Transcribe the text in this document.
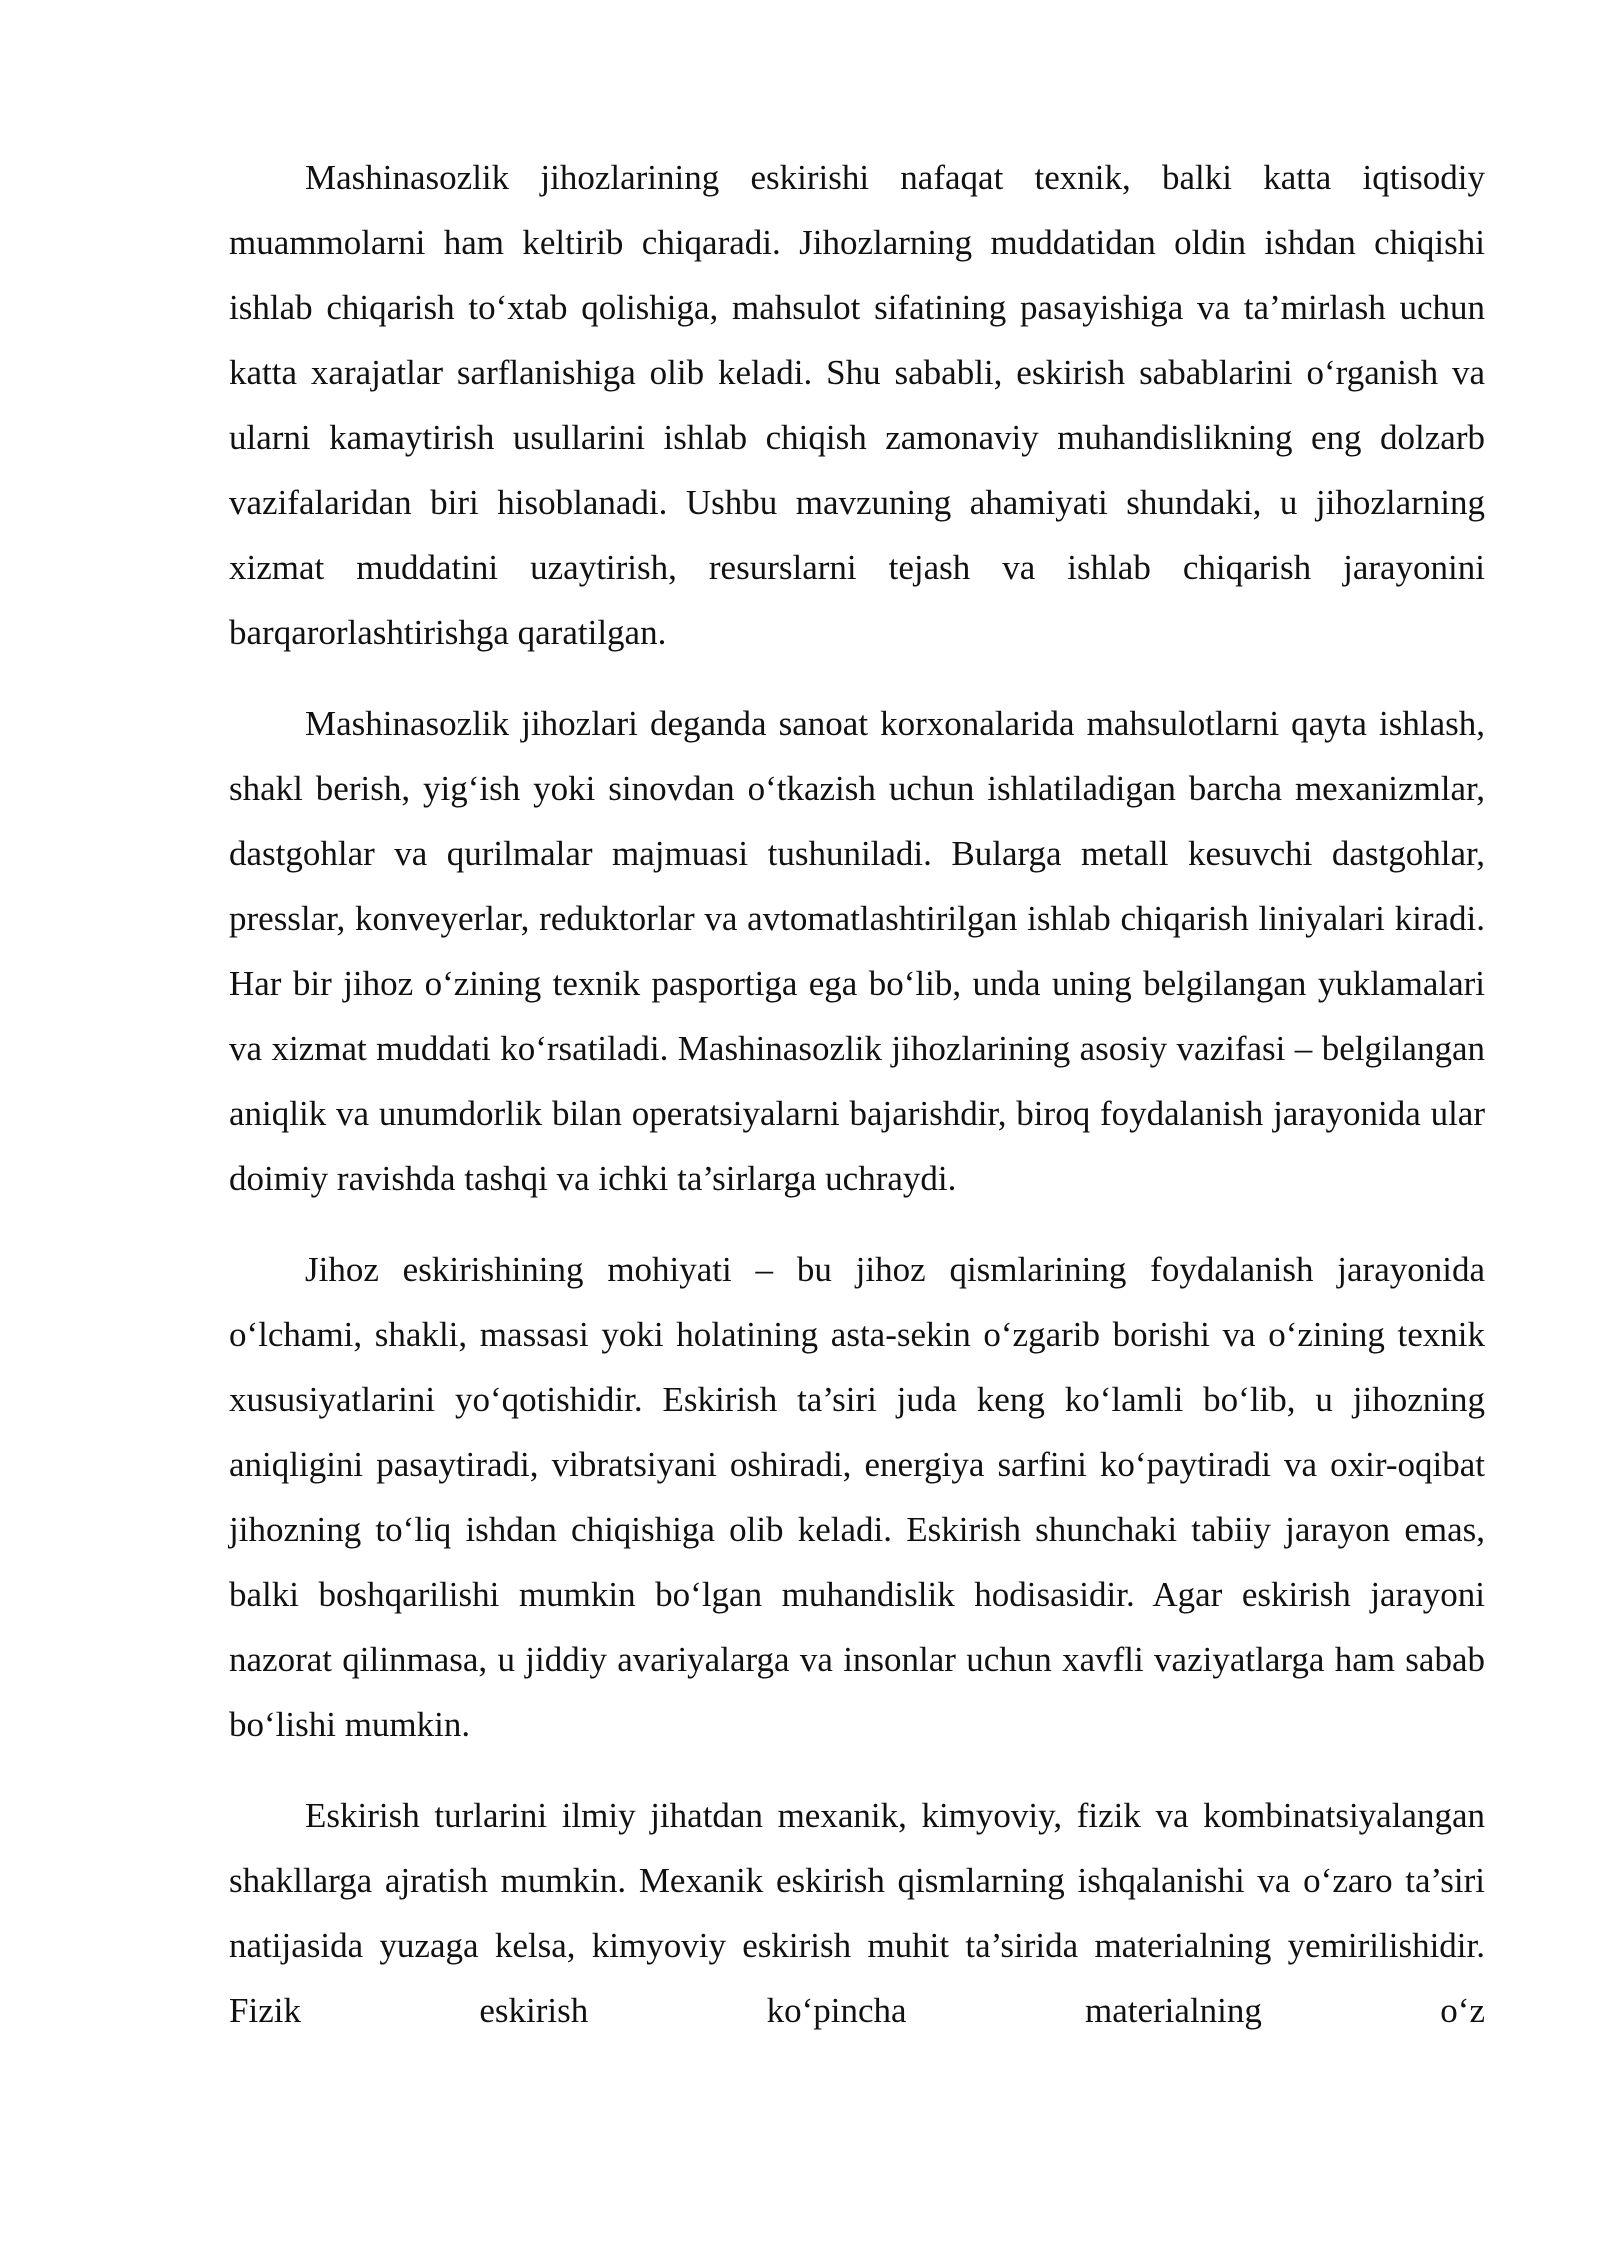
Mashinasozlik jihozlarining eskirishi nafaqat texnik, balki katta iqtisodiy muammolarni ham keltirib chiqaradi. Jihozlarning muddatidan oldin ishdan chiqishi ishlab chiqarish to‘xtab qolishiga, mahsulot sifatining pasayishiga va ta’mirlash uchun katta xarajatlar sarflanishiga olib keladi. Shu sababli, eskirish sabablarini o‘rganish va ularni kamaytirish usullarini ishlab chiqish zamonaviy muhandislikning eng dolzarb vazifalaridan biri hisoblanadi. Ushbu mavzuning ahamiyati shundaki, u jihozlarning xizmat muddatini uzaytirish, resurslarni tejash va ishlab chiqarish jarayonini barqarorlashtirishga qaratilgan.

Mashinasozlik jihozlari deganda sanoat korxonalarida mahsulotlarni qayta ishlash, shakl berish, yig‘ish yoki sinovdan o‘tkazish uchun ishlatiladigan barcha mexanizmlar, dastgohlar va qurilmalar majmuasi tushuniladi. Bularga metall kesuvchi dastgohlar, presslar, konveyerlar, reduktorlar va avtomatlashtirilgan ishlab chiqarish liniyalari kiradi. Har bir jihoz o‘zining texnik pasportiga ega bo‘lib, unda uning belgilangan yuklamalari va xizmat muddati ko‘rsatiladi. Mashinasozlik jihozlarining asosiy vazifasi – belgilangan aniqlik va unumdorlik bilan operatsiyalarni bajarishdir, biroq foydalanish jarayonida ular doimiy ravishda tashqi va ichki ta’sirlarga uchraydi.

Jihoz eskirishining mohiyati – bu jihoz qismlarining foydalanish jarayonida o‘lchami, shakli, massasi yoki holatining asta-sekin o‘zgarib borishi va o‘zining texnik xususiyatlarini yo‘qotishidir. Eskirish ta’siri juda keng ko‘lamli bo‘lib, u jihozning aniqligini pasaytiradi, vibratsiyani oshiradi, energiya sarfini ko‘paytiradi va oxir-oqibat jihozning to‘liq ishdan chiqishiga olib keladi. Eskirish shunchaki tabiiy jarayon emas, balki boshqarilishi mumkin bo‘lgan muhandislik hodisasidir. Agar eskirish jarayoni nazorat qilinmasa, u jiddiy avariyalarga va insonlar uchun xavfli vaziyatlarga ham sabab bo‘lishi mumkin.

Eskirish turlarini ilmiy jihatdan mexanik, kimyoviy, fizik va kombinatsiyalangan shakllarga ajratish mumkin. Mexanik eskirish qismlarning ishqalanishi va o‘zaro ta’siri natijasida yuzaga kelsa, kimyoviy eskirish muhit ta’sirida materialning yemirilishidir. Fizik eskirish ko‘pincha materialning o‘z
